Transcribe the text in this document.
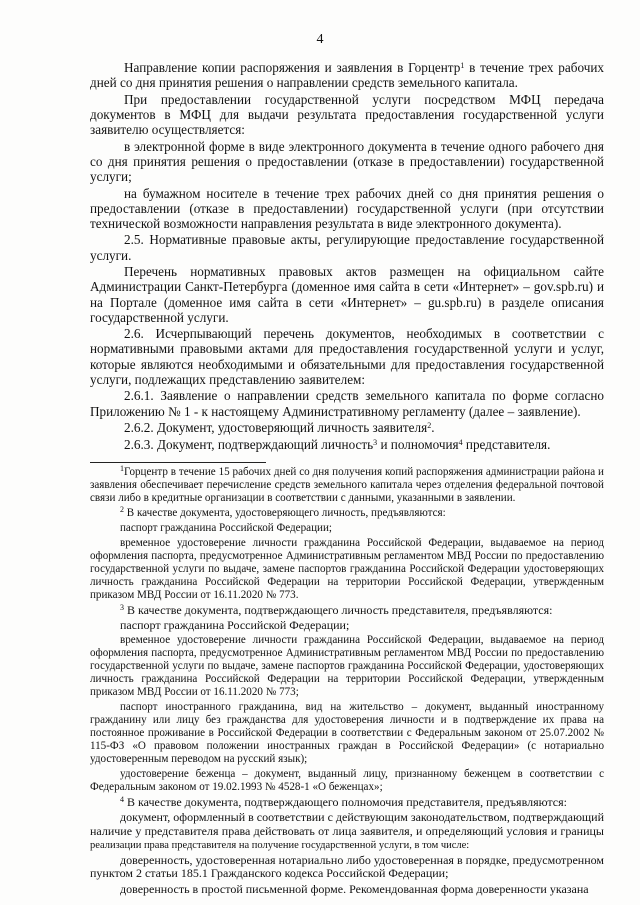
4

Направление копии распоряжения и заявления в Горцентр$^1$ в течение трех рабочих дней со дня принятия решения о направлении средств земельного капитала.

При предоставлении государственной услуги посредством МФЦ передача документов в МФЦ для выдачи результата предоставления государственной услуги заявителю осуществляется:

в электронной форме в виде электронного документа в течение одного рабочего дня со дня принятия решения о предоставлении (отказе в предоставлении) государственной услуги;

на бумажном носителе в течение трех рабочих дней со дня принятия решения о предоставлении (отказе в предоставлении) государственной услуги (при отсутствии технической возможности направления результата в виде электронного документа).

2.5. Нормативные правовые акты, регулирующие предоставление государственной услуги.

Перечень нормативных правовых актов размещен на официальном сайте Администрации Санкт-Петербурга (доменное имя сайта в сети «Интернет» – gov.spb.ru) и на Портале (доменное имя сайта в сети «Интернет» – gu.spb.ru) в разделе описания государственной услуги.

2.6. Исчерпывающий перечень документов, необходимых в соответствии с нормативными правовыми актами для предоставления государственной услуги и услуг, которые являются необходимыми и обязательными для предоставления государственной услуги, подлежащих представлению заявителем:

2.6.1. Заявление о направлении средств земельного капитала по форме согласно Приложению № 1 - к настоящему Административному регламенту (далее – заявление).

2.6.2. Документ, удостоверяющий личность заявителя$^2$.

2.6.3. Документ, подтверждающий личность$^3$ и полномочия$^4$ представителя.

$^1$Горцентр в течение 15 рабочих дней со дня получения копий распоряжения администрации района и заявления обеспечивает перечисление средств земельного капитала через отделения федеральной почтовой связи либо в кредитные организации в соответствии с данными, указанными в заявлении.

$^2$ В качестве документа, удостоверяющего личность, предъявляются:

паспорт гражданина Российской Федерации;

временное удостоверение личности гражданина Российской Федерации, выдаваемое на период оформления паспорта, предусмотренное Административным регламентом МВД России по предоставлению государственной услуги по выдаче, замене паспортов гражданина Российской Федерации удостоверяющих личность гражданина Российской Федерации на территории Российской Федерации, утвержденным приказом МВД России от 16.11.2020 № 773.

$^3$ В качестве документа, подтверждающего личность представителя, предъявляются:

паспорт гражданина Российской Федерации;

временное удостоверение личности гражданина Российской Федерации, выдаваемое на период оформления паспорта, предусмотренное Административным регламентом МВД России по предоставлению государственной услуги по выдаче, замене паспортов гражданина Российской Федерации, удостоверяющих личность гражданина Российской Федерации на территории Российской Федерации, утвержденным приказом МВД России от 16.11.2020 № 773;

паспорт иностранного гражданина, вид на жительство – документ, выданный иностранному гражданину или лицу без гражданства для удостоверения личности и в подтверждение их права на постоянное проживание в Российской Федерации в соответствии с Федеральным законом от 25.07.2002 № 115-ФЗ «О правовом положении иностранных граждан в Российской Федерации» (с нотариально удостоверенным переводом на русский язык);

удостоверение беженца – документ, выданный лицу, признанному беженцем в соответствии с Федеральным законом от 19.02.1993 № 4528-1 «О беженцах»;

$^4$ В качестве документа, подтверждающего полномочия представителя, предъявляются:

документ, оформленный в соответствии с действующим законодательством, подтверждающий наличие у представителя права действовать от лица заявителя, и определяющий условия и границы реализации права представителя на получение государственной услуги, в том числе:

доверенность, удостоверенная нотариально либо удостоверенная в порядке, предусмотренном пунктом 2 статьи 185.1 Гражданского кодекса Российской Федерации;

доверенность в простой письменной форме. Рекомендованная форма доверенности указана
